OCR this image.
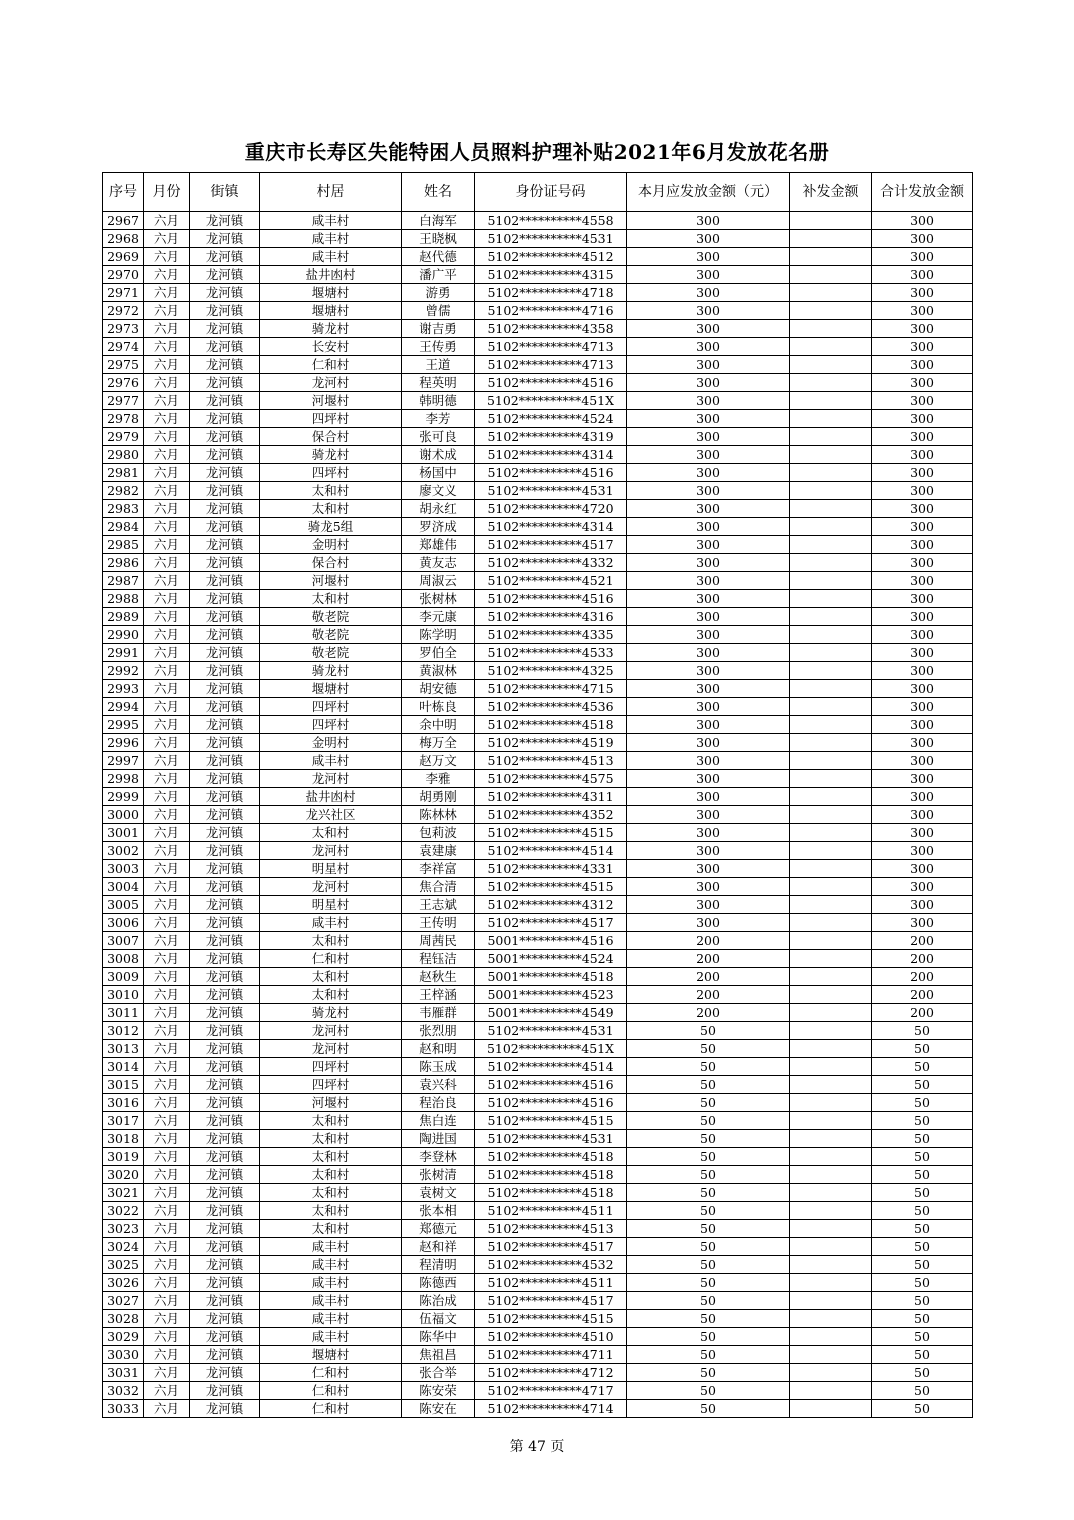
重庆市长寿区失能特困人员照料护理补贴2021年6月发放花名册
序号	月份	街镇	村居	姓名	身份证号码	本月应发放金额（元）	补发金额	合计发放金额
2967	六月	龙河镇	咸丰村	白海军	5102**********4558	300		300
2968	六月	龙河镇	咸丰村	王晓枫	5102**********4531	300		300
2969	六月	龙河镇	咸丰村	赵代德	5102**********4512	300		300
2970	六月	龙河镇	盐井凼村	潘广平	5102**********4315	300		300
2971	六月	龙河镇	堰塘村	游勇	5102**********4718	300		300
2972	六月	龙河镇	堰塘村	曾儒	5102**********4716	300		300
2973	六月	龙河镇	骑龙村	谢吉勇	5102**********4358	300		300
2974	六月	龙河镇	长安村	王传勇	5102**********4713	300		300
2975	六月	龙河镇	仁和村	王道	5102**********4713	300		300
2976	六月	龙河镇	龙河村	程英明	5102**********4516	300		300
2977	六月	龙河镇	河堰村	韩明德	5102**********451X	300		300
2978	六月	龙河镇	四坪村	李芳	5102**********4524	300		300
2979	六月	龙河镇	保合村	张可良	5102**********4319	300		300
2980	六月	龙河镇	骑龙村	谢术成	5102**********4314	300		300
2981	六月	龙河镇	四坪村	杨国中	5102**********4516	300		300
2982	六月	龙河镇	太和村	廖文义	5102**********4531	300		300
2983	六月	龙河镇	太和村	胡永红	5102**********4720	300		300
2984	六月	龙河镇	骑龙5组	罗济成	5102**********4314	300		300
2985	六月	龙河镇	金明村	郑雄伟	5102**********4517	300		300
2986	六月	龙河镇	保合村	黄友志	5102**********4332	300		300
2987	六月	龙河镇	河堰村	周淑云	5102**********4521	300		300
2988	六月	龙河镇	太和村	张树林	5102**********4516	300		300
2989	六月	龙河镇	敬老院	李元康	5102**********4316	300		300
2990	六月	龙河镇	敬老院	陈学明	5102**********4335	300		300
2991	六月	龙河镇	敬老院	罗伯全	5102**********4533	300		300
2992	六月	龙河镇	骑龙村	黄淑林	5102**********4325	300		300
2993	六月	龙河镇	堰塘村	胡安德	5102**********4715	300		300
2994	六月	龙河镇	四坪村	叶栋良	5102**********4536	300		300
2995	六月	龙河镇	四坪村	余中明	5102**********4518	300		300
2996	六月	龙河镇	金明村	梅万全	5102**********4519	300		300
2997	六月	龙河镇	咸丰村	赵万文	5102**********4513	300		300
2998	六月	龙河镇	龙河村	李雅	5102**********4575	300		300
2999	六月	龙河镇	盐井凼村	胡勇刚	5102**********4311	300		300
3000	六月	龙河镇	龙兴社区	陈林林	5102**********4352	300		300
3001	六月	龙河镇	太和村	包莉波	5102**********4515	300		300
3002	六月	龙河镇	龙河村	袁建康	5102**********4514	300		300
3003	六月	龙河镇	明星村	李祥富	5102**********4331	300		300
3004	六月	龙河镇	龙河村	焦合清	5102**********4515	300		300
3005	六月	龙河镇	明星村	王志斌	5102**********4312	300		300
3006	六月	龙河镇	咸丰村	王传明	5102**********4517	300		300
3007	六月	龙河镇	太和村	周茜民	5001**********4516	200		200
3008	六月	龙河镇	仁和村	程钰洁	5001**********4524	200		200
3009	六月	龙河镇	太和村	赵秋生	5001**********4518	200		200
3010	六月	龙河镇	太和村	王梓涵	5001**********4523	200		200
3011	六月	龙河镇	骑龙村	韦雁群	5001**********4549	200		200
3012	六月	龙河镇	龙河村	张烈朋	5102**********4531	50		50
3013	六月	龙河镇	龙河村	赵和明	5102**********451X	50		50
3014	六月	龙河镇	四坪村	陈玉成	5102**********4514	50		50
3015	六月	龙河镇	四坪村	袁兴科	5102**********4516	50		50
3016	六月	龙河镇	河堰村	程治良	5102**********4516	50		50
3017	六月	龙河镇	太和村	焦白连	5102**********4515	50		50
3018	六月	龙河镇	太和村	陶进国	5102**********4531	50		50
3019	六月	龙河镇	太和村	李登林	5102**********4518	50		50
3020	六月	龙河镇	太和村	张树清	5102**********4518	50		50
3021	六月	龙河镇	太和村	袁树文	5102**********4518	50		50
3022	六月	龙河镇	太和村	张本相	5102**********4511	50		50
3023	六月	龙河镇	太和村	郑德元	5102**********4513	50		50
3024	六月	龙河镇	咸丰村	赵和祥	5102**********4517	50		50
3025	六月	龙河镇	咸丰村	程清明	5102**********4532	50		50
3026	六月	龙河镇	咸丰村	陈德西	5102**********4511	50		50
3027	六月	龙河镇	咸丰村	陈治成	5102**********4517	50		50
3028	六月	龙河镇	咸丰村	伍福文	5102**********4515	50		50
3029	六月	龙河镇	咸丰村	陈华中	5102**********4510	50		50
3030	六月	龙河镇	堰塘村	焦祖昌	5102**********4711	50		50
3031	六月	龙河镇	仁和村	张合举	5102**********4712	50		50
3032	六月	龙河镇	仁和村	陈安荣	5102**********4717	50		50
3033	六月	龙河镇	仁和村	陈安在	5102**********4714	50		50
第 47 页
